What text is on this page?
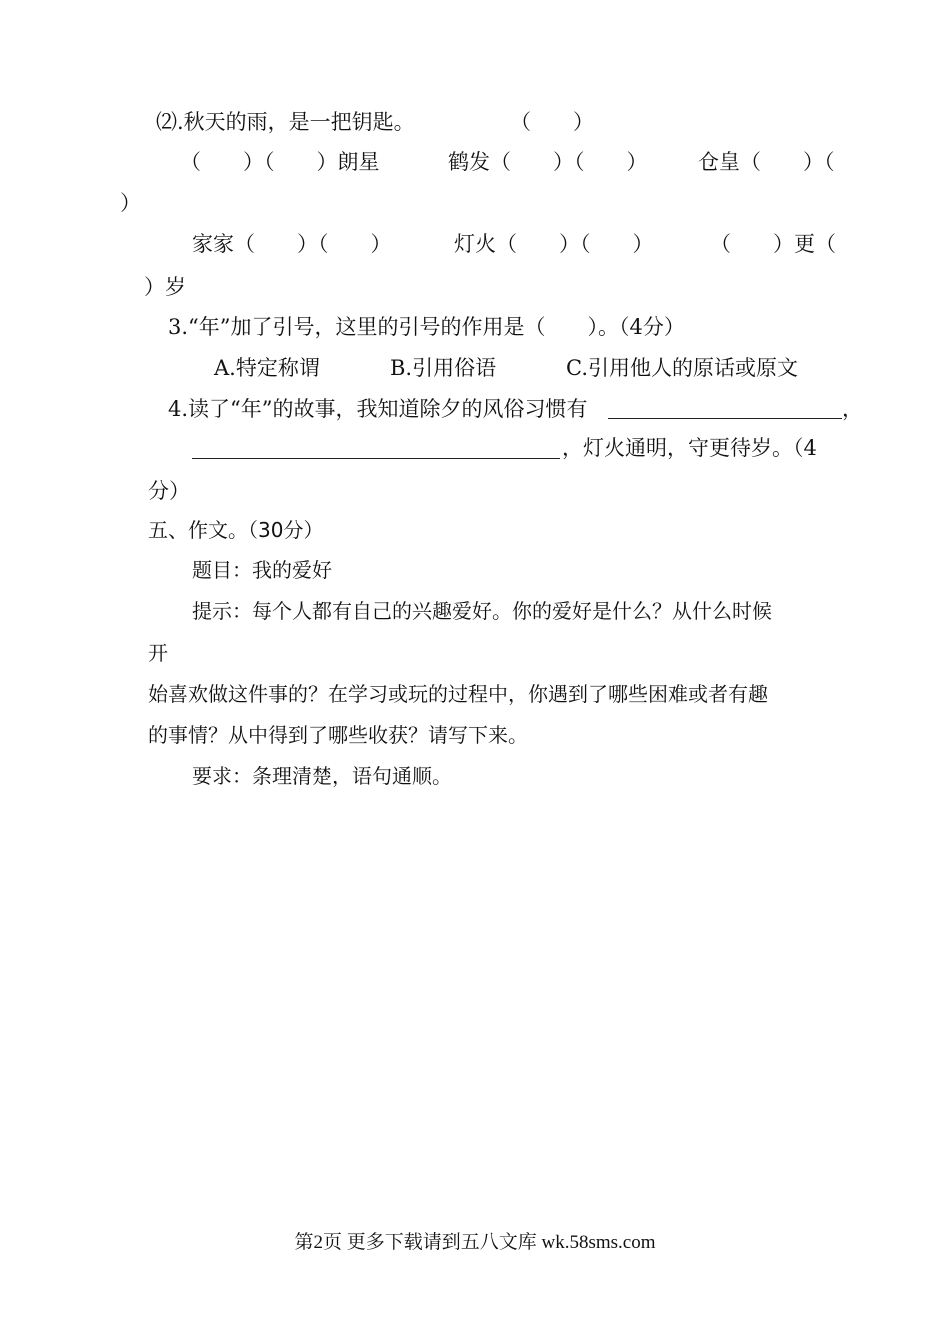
⑵.秋天的雨，是一把钥匙。	（　　）
（　　）（　　）朗星	鹤发（　　）（　　） 仓皇（　　）（
）
家家（　　）（　　）	灯火（　　）（　　）	（　　）更（
）岁
3.“年”加了引号，这里的引号的作用是（　　）。（4分）
A.特定称谓	B.引用俗语	C.引用他人的原话或原文
4.读了“年”的故事，我知道除夕的风俗习惯有	，
，灯火通明，守更待岁。（4
分）
五、作文。（30分）
题目：我的爱好
提示：每个人都有自己的兴趣爱好。你的爱好是什么？从什么时候
开
始喜欢做这件事的？在学习或玩的过程中，你遇到了哪些困难或者有趣
的事情？从中得到了哪些收获？请写下来。
要求：条理清楚，语句通顺。
第2页 更多下载请到五八文库 wk.58sms.com
